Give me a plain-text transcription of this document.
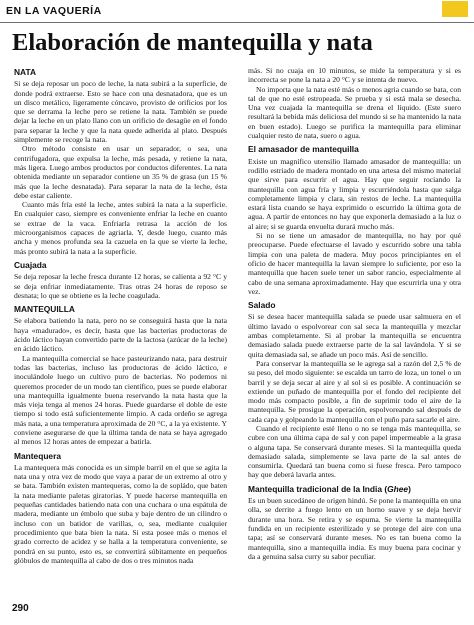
EN LA VAQUERÍA
Elaboración de mantequilla y nata
NATA

Si se deja reposar un poco de leche, la nata subirá a la superficie, de donde podrá extraerse. Esto se hace con una desnatadora, que es un un disco metálico, ligeramente cóncavo, provisto de orificios por los que se derrama la leche pero se retiene la nata. También se puede dejar la leche en un plato llano con un orificio de desagüe en el fondo para separar la leche y que la nata quede adherida al plato. Después simplemente se recoge la nata.

Otro método consiste en usar un separador, o sea, una centrifugadora, que expulsa la leche, más pesada, y retiene la nata, más ligera. Luego ambos productos por conductos diferentes. La nata obtenida mediante un separador contiene un 35 % de grasa (un 15 % más que la leche desnatada). Para separar la nata de la leche, ésta debe estar caliente.

Cuanto más fría esté la leche, antes subirá la nata a la superficie. En cualquier caso, siempre es conveniente enfriar la leche en cuanto se extrae de la vaca. Enfriarla retrasa la acción de los microorganismos capaces de agriarla. Y, desde luego, cuanto más ancha y menos profunda sea la cazuela en la que se vierte la leche, más pronto subirá la nata a la superficie.

Cuajada

Se deja reposar la leche fresca durante 12 horas, se calienta a 92 °C y se deja enfriar inmediatamente. Tras otras 24 horas de reposo se desnata; lo que se obtiene es la leche coagulada.

MANTEQUILLA

Se elabora batiendo la nata, pero no se conseguirá hasta que la nata haya «madurado», es decir, hasta que las bacterias productoras de ácido láctico hayan convertido parte de la lactosa (azúcar de la leche) en ácido láctico.

La mantequilla comercial se hace pasteurizando nata, para destruir todas las bacterias, incluso las productoras de ácido láctico, e inoculándole luego un cultivo puro de bacterias. No podemos ni queremos proceder de un modo tan científico, pues se puede elaborar una mantequilla igualmente buena reservando la nata hasta que la más vieja tenga al menos 24 horas. Puede guardarse el doble de este tiempo si todo está suficientemente limpio. A cada ordeño se agrega más nata, a una temperatura aproximada de 20 °C, a la ya existente. Y conviene asegurarse de que la última tanda de nata se haya agregado al menos 12 horas antes de empezar a batirla.

Mantequera

La mantequera más conocida es un simple barril en el que se agita la nata una y otra vez de modo que vaya a parar de un extremo al otro y se bata. También existen mantequeras, como la de sopládo, que baten la nata mediante paletas giratorias. Y puede hacerse mantequilla en pequeñas cantidades batiendo nata con una cuchara o una espátula de madera, mediante un émbolo que suba y baje dentro de un cilindro o incluso con un batidor de varillas, o, sea, mediante cualquier procedimiento que bata bien la nata. Si esta posee más o menos el grado correcto de acidez y se halla a la temperatura conveniente, se pondrá en su punto, esto es, se convertirá súbitamente en pequeños glóbulos de mantequilla al cabo de dos o tres minutos nada

más. Si no cuaja en 10 minutos, se mide la temperatura y si es incorrecta se pone la nata a 20 °C y se intenta de nuevo.

No importa que la nata esté más o menos agria cuando se bata, con tal de que no esté estropeada. Se prueba y si está mala se desecha. Una vez cuajada la mantequilla se drena el líquido. (Este suero resultará la bebida más deliciosa del mundo si se ha mantenido la nata en buen estado). Luego se purifica la mantequilla para eliminar cualquier resto de nata, suero o agua.

El amasador de mantequilla

Existe un magnífico utensilio llamado amasador de mantequilla: un rodillo estriado de madera montado en una artesa del mismo material que sirve para escurrir el agua. Hay que seguir rociando la mantequilla con agua fría y limpia y escurriéndola hasta que salga completamente limpia y clara, sin restos de leche. La mantequilla estará lista cuando se haya exprimido o escurrido la última gota de agua. A partir de entonces no hay que exponerla demasiado a la luz o al aire; si se guarda envuelta durará mucho más.

Si no se tiene un amasador de mantequilla, no hay por qué preocuparse. Puede efectuarse el lavado y escurrido sobre una tabla limpia con una paleta de madera. Muy pocos principiantes en el oficio de hacer mantequilla la lavan siempre lo suficiente, por eso la mantequilla que hacen suele tener un sabor rancio, especialmente al cabo de una semana aproximadamente. Hay que escurrirla una y otra vez.

Salado

Si se desea hacer mantequilla salada se puede usar salmuera en el último lavado o espolvorear con sal seca la mantequilla y mezclar ambas completamente. Si al probar la mantequilla se encuentra demasiado salada puede extraerse parte de la sal lavándola. Y si se quita demasiada sal, se añade un poco más. Así de sencillo.

Para conservar la mantequilla se le agrega sal a razón del 2,5 % de su peso, del modo siguiente: se escalda un tarro de loza, un tonel o un barril y se deja secar al aire y al sol si es posible. A continuación se extiende un puñado de mantequilla por el fondo del recipiente del modo más compacto posible, a fin de suprimir todo el aire de la mantequilla. Se prosigue la operación, espolvoreando sal después de cada capa y golpeando la mantequilla con el puño para sacarle el aire.

Cuando el recipiente esté lleno o no se tenga más mantequilla, se cubre con una última capa de sal y con papel impermeable a la grasa o alguna tapa. Se conservará durante meses. Si la mantequilla queda demasiado salada, simplemente se lava parte de la sal antes de consumirla. Quedará tan buena como si fuese fresca. Pero tampoco hay que deberá lavarla antes.

Mantequilla tradicional de la India (Ghee)

Es un buen sucedáneo de origen hindú. Se pone la mantequilla en una olla, se derrite a fuego lento en un horno suave y se deja hervir durante una hora. Se retira y se espuma. Se vierte la mantequilla fundida en un recipiente esterilizado y se protege del aire con una tapa; así se conservará durante meses. No es tan buena como la mantequilla, sino a mantequilla india. Es muy buena para cocinar y da a genuina salsa curry su sabor peculiar.

290
